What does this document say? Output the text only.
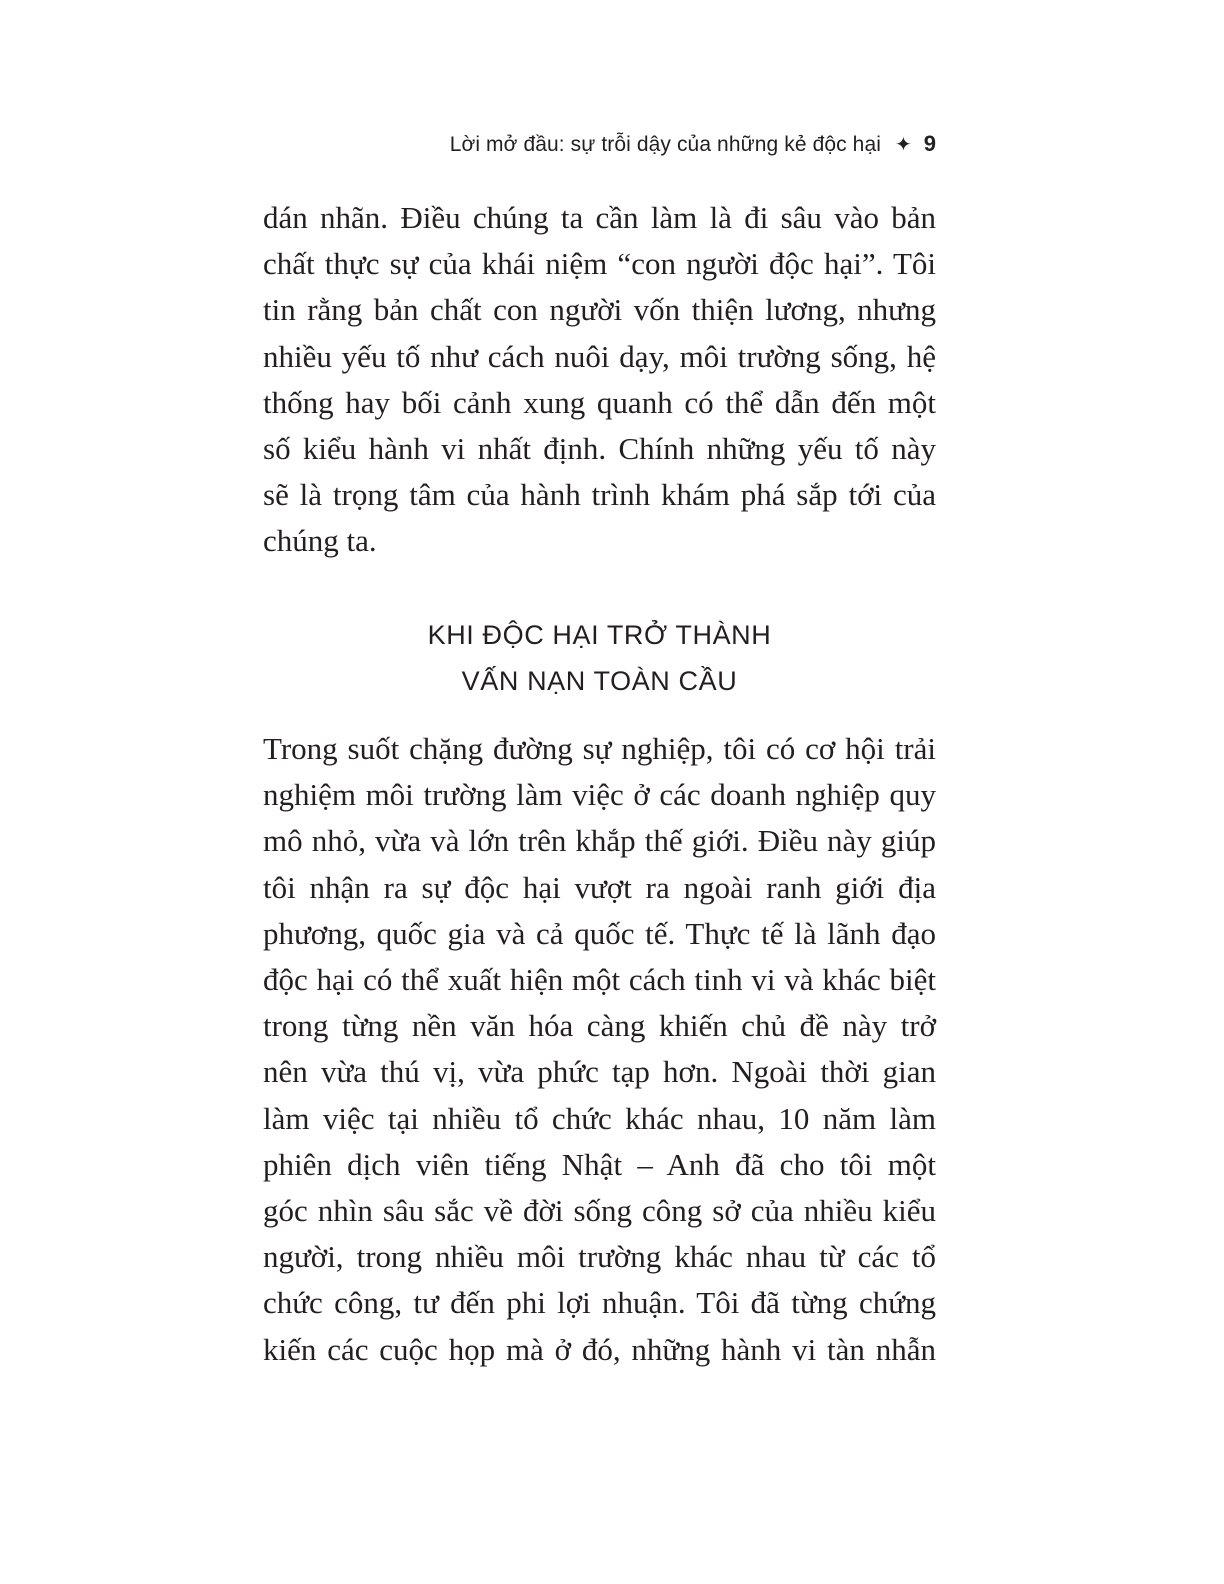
Lời mở đầu: sự trỗi dậy của những kẻ độc hại ✦ 9
dán nhãn. Điều chúng ta cần làm là đi sâu vào bản
chất thực sự của khái niệm “con người độc hại”. Tôi
tin rằng bản chất con người vốn thiện lương, nhưng
nhiều yếu tố như cách nuôi dạy, môi trường sống, hệ
thống hay bối cảnh xung quanh có thể dẫn đến một
số kiểu hành vi nhất định. Chính những yếu tố này
sẽ là trọng tâm của hành trình khám phá sắp tới của
chúng ta.
KHI ĐỘC HẠI TRỞ THÀNH
VẤN NẠN TOÀN CẦU
Trong suốt chặng đường sự nghiệp, tôi có cơ hội trải
nghiệm môi trường làm việc ở các doanh nghiệp quy
mô nhỏ, vừa và lớn trên khắp thế giới. Điều này giúp
tôi nhận ra sự độc hại vượt ra ngoài ranh giới địa
phương, quốc gia và cả quốc tế. Thực tế là lãnh đạo
độc hại có thể xuất hiện một cách tinh vi và khác biệt
trong từng nền văn hóa càng khiến chủ đề này trở
nên vừa thú vị, vừa phức tạp hơn. Ngoài thời gian
làm việc tại nhiều tổ chức khác nhau, 10 năm làm
phiên dịch viên tiếng Nhật – Anh đã cho tôi một
góc nhìn sâu sắc về đời sống công sở của nhiều kiểu
người, trong nhiều môi trường khác nhau từ các tổ
chức công, tư đến phi lợi nhuận. Tôi đã từng chứng
kiến các cuộc họp mà ở đó, những hành vi tàn nhẫn
